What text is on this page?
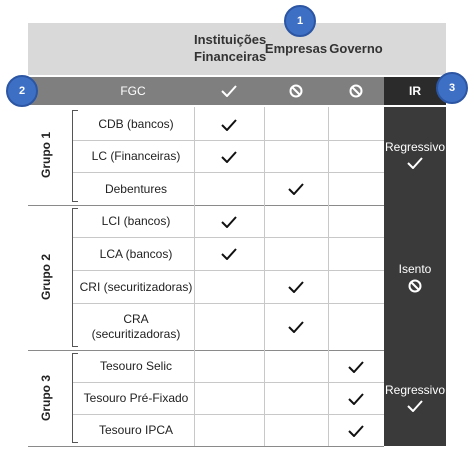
Instituições Financeiras
Empresas Governo
FGC	IR
1
2	3
Grupo 1
Grupo 2
Grupo 3
CDB (bancos)
LC (Financeiras)
Debentures
LCI (bancos)
LCA (bancos)
CRI (securitizadoras)
CRA (securitizadoras)
Tesouro Selic
Tesouro Pré-Fixado
Tesouro IPCA
Regressivo
Isento
Regressivo
